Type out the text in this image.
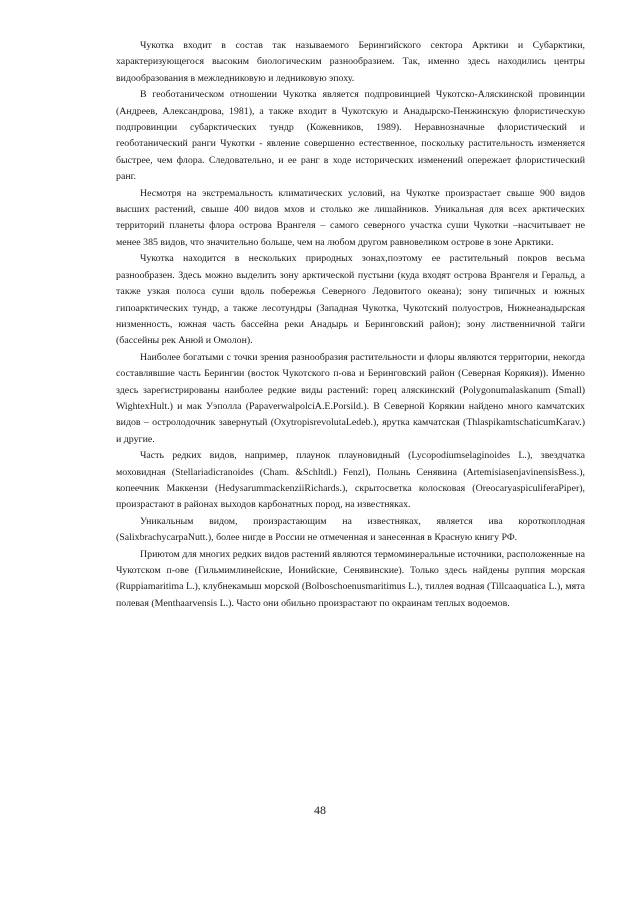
Чукотка входит в состав так называемого Берингийского сектора Арктики и Субарктики, характеризующегося высоким биологическим разнообразием. Так, именно здесь находились центры видообразования в межледниковую и ледниковую эпоху.

В геоботаническом отношении Чукотка является подпровинцией Чукотско-Аляскинской провинции (Андреев, Александрова, 1981), а также входит в Чукотскую и Анадырско-Пенжинскую флористическую подпровинции субарктических тундр (Кожевников, 1989). Неравнозначные флористический и геоботанический ранги Чукотки - явление совершенно естественное, поскольку растительность изменяется быстрее, чем флора. Следовательно, и ее ранг в ходе исторических изменений опережает флористический ранг.

Несмотря на экстремальность климатических условий, на Чукотке произрастает свыше 900 видов высших растений, свыше 400 видов мхов и столько же лишайников. Уникальная для всех арктических территорий планеты флора острова Врангеля – самого северного участка суши Чукотки –насчитывает не менее 385 видов, что значительно больше, чем на любом другом равновеликом острове в зоне Арктики.

Чукотка находится в нескольких природных зонах,поэтому ее растительный покров весьма разнообразен. Здесь можно выделить зону арктической пустыни (куда входят острова Врангеля и Геральд, а также узкая полоса суши вдоль побережья Северного Ледовитого океана); зону типичных и южных гипоарктических тундр, а также лесотундры (Западная Чукотка, Чукотский полуостров, Нижнеанадырская низменность, южная часть бассейна реки Анадырь и Беринговский район); зону лиственничной тайги (бассейны рек Анюй и Омолон).

Наиболее богатыми с точки зрения разнообразия растительности и флоры являются территории, некогда составлявшие часть Берингии (восток Чукотского п-ова и Беринговский район (Северная Корякия)). Именно здесь зарегистрированы наиболее редкие виды растений: горец аляскинский (Polygonumalaskanum (Small) WightexHult.) и мак Уэполла (PapaverwalpolciA.E.Porsild.). В Северной Корякии найдено много камчатских видов – остролодочник завернутый (OxytropisrevolutaLedeb.), ярутка камчатская (ThlaspikamtschaticumKarav.) и другие.

Часть редких видов, например, плаунок плауновидный (Lycopodiumselaginoides L.), звездчатка моховидная (Stellariadicranoides (Cham. &Schltdl.) Fenzl), Полынь Сенявина (ArtemisiasenjavinensisBess.), копеечник Маккензи (HedysarummackenziiRichards.), скрытосветка колосковая (OreocaryaspiculiferaPiper), произрастают в районах выходов карбонатных пород, на известняках.

Уникальным видом, произрастающим на известняках, является ива короткоплодная (SalixbrachycarpaNutt.), более нигде в России не отмеченная и занесенная в Красную книгу РФ.

Приютом для многих редких видов растений являются термоминеральные источники, расположенные на Чукотском п-ове (Гильмимлинейские, Ионийские, Сенявинские). Только здесь найдены руппия морская (Ruppiamaritima L.), клубнекамыш морской (Bolboschoenusmaritimus L.), тиллея водная (Tillcaaquatica L.), мята полевая (Menthaarvensis L.). Часто они обильно произрастают по окраинам теплых водоемов.

48
